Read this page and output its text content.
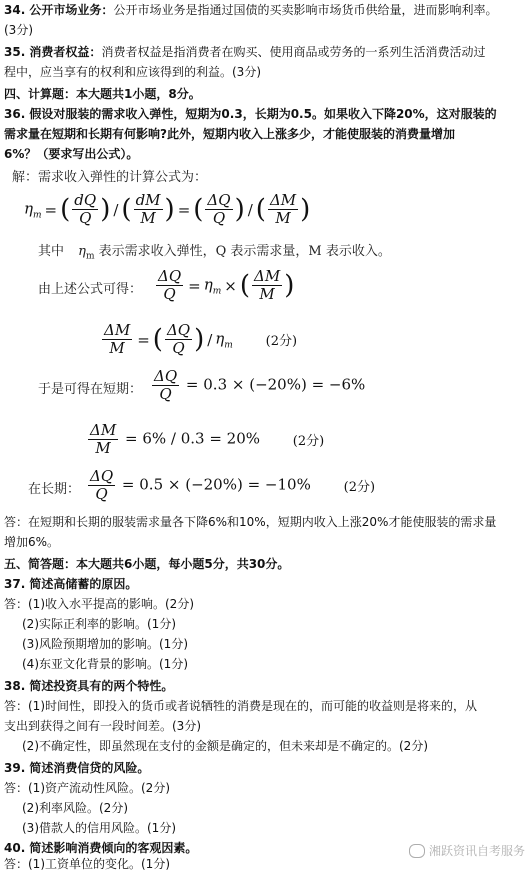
34. 公开市场业务：公开市场业务是指通过国债的买卖影响市场货币供给量，进而影响利率。
(3分)
35. 消费者权益：消费者权益是指消费者在购买、使用商品或劳务的一系列生活消费活动过
程中，应当享有的权利和应该得到的利益。(3分)
四、计算题：本大题共1小题，8分。
36. 假设对服装的需求收入弹性，短期为0.3，长期为0.5。如果收入下降20%，这对服装的
需求量在短期和长期有何影响?此外，短期内收入上涨多少，才能使服装的消费量增加
6%？（要求写出公式）。
解：需求收入弹性的计算公式为：
$\eta_m$ = ( $\frac{dQ}{Q}$ ) / ( $\frac{dM}{M}$ ) = ( $\frac{\Delta Q}{Q}$ ) / ( $\frac{\Delta M}{M}$ )
其中 $\eta_m$ 表示需求收入弹性，Q 表示需求量，M 表示收入。
由上述公式可得： $\frac{\Delta Q}{Q} = \eta_m$ × ( $\frac{\Delta M}{M}$ )
$\frac{\Delta M}{M}$ = ( $\frac{\Delta Q}{Q}$ ) / $\eta_m$	(2分)
于是可得在短期： $\frac{\Delta Q}{Q} = 0.3 \times (-20\%) = -6\%$
$\frac{\Delta M}{M} = 6\% / 0.3 = 20\%$	(2分)
在长期： $\frac{\Delta Q}{Q} = 0.5 \times (-20\%) = -10\%$	(2分)
答：在短期和长期的服装需求量各下降6%和10%，短期内收入上涨20%才能使服装的需求量
增加6%。
五、简答题：本大题共6小题，每小题5分，共30分。
37. 简述高储蓄的原因。
答：(1)收入水平提高的影响。(2分)
(2)实际正利率的影响。(1分)
(3)风险预期增加的影响。(1分)
(4)东亚文化背景的影响。(1分)
38. 简述投资具有的两个特性。
答：(1)时间性，即投入的货币或者说牺牲的消费是现在的，而可能的收益则是将来的，从
支出到获得之间有一段时间差。(3分)
(2)不确定性，即虽然现在支付的金额是确定的，但未来却是不确定的。(2分)
39. 简述消费信贷的风险。
答：(1)资产流动性风险。(2分)
(2)利率风险。(2分)
(3)借款人的信用风险。(1分)
40. 简述影响消费倾向的客观因素。
答：(1)工资单位的变化。(1分)
湘跃资讯自考服务
